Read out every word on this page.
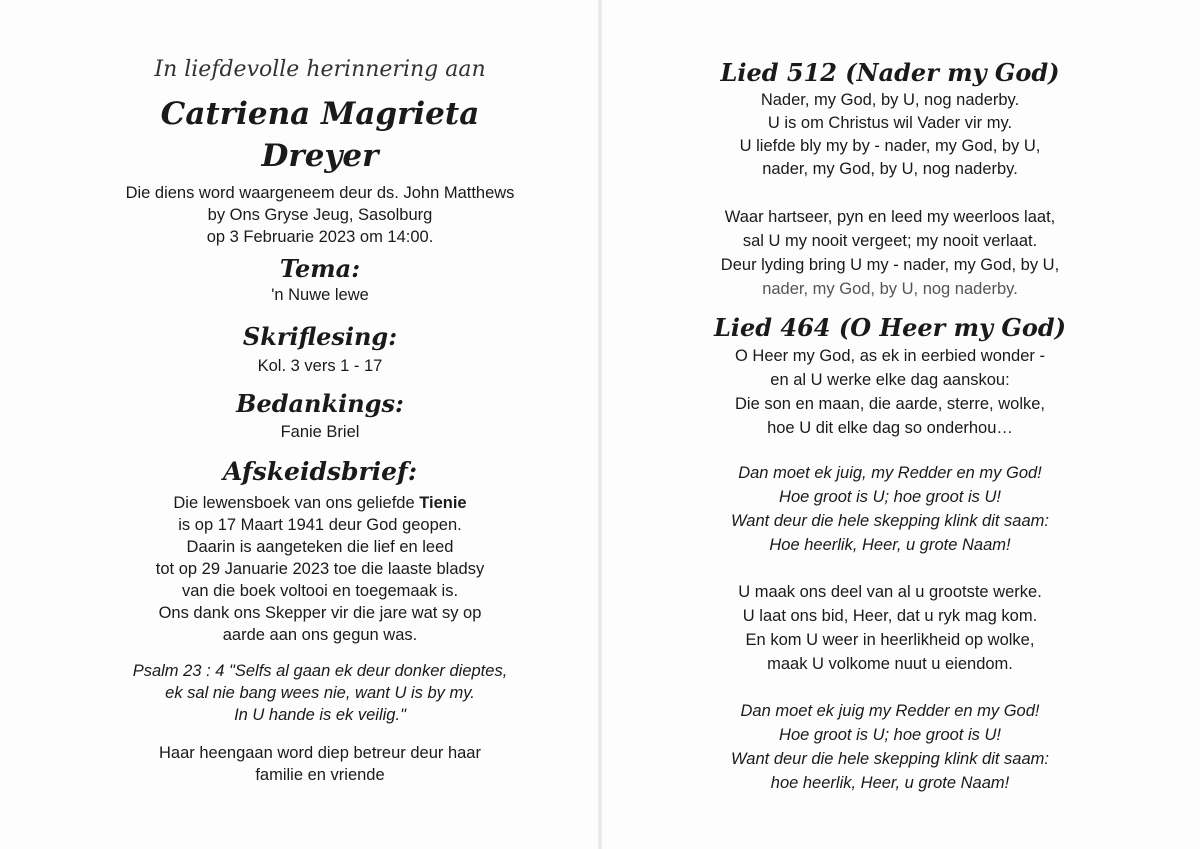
In liefdevolle herinnering aan
Catriena Magrieta
Dreyer
Die diens word waargeneem deur ds. John Matthews
by Ons Gryse Jeug, Sasolburg
op 3 Februarie 2023 om 14:00.
Tema:
'n Nuwe lewe
Skriflesing:
Kol. 3 vers 1 - 17
Bedankings:
Fanie Briel
Afskeidsbrief:
Die lewensboek van ons geliefde Tienie
is op 17 Maart 1941 deur God geopen.
Daarin is aangeteken die lief en leed
tot op 29 Januarie 2023 toe die laaste bladsy
van die boek voltooi en toegemaak is.
Ons dank ons Skepper vir die jare wat sy op
aarde aan ons gegun was.
Psalm 23 : 4 "Selfs al gaan ek deur donker dieptes,
ek sal nie bang wees nie, want U is by my.
In U hande is ek veilig."
Haar heengaan word diep betreur deur haar
familie en vriende
Lied 512 (Nader my God)
Nader, my God, by U, nog naderby.
U is om Christus wil Vader vir my.
U liefde bly my by - nader, my God, by U,
nader, my God, by U, nog naderby.
Waar hartseer, pyn en leed my weerloos laat,
sal U my nooit vergeet; my nooit verlaat.
Deur lyding bring U my - nader, my God, by U,
nader, my God, by U, nog naderby.
Lied 464 (O Heer my God)
O Heer my God, as ek in eerbied wonder -
en al U werke elke dag aanskou:
Die son en maan, die aarde, sterre, wolke,
hoe U dit elke dag so onderhou…
Dan moet ek juig, my Redder en my God!
Hoe groot is U; hoe groot is U!
Want deur die hele skepping klink dit saam:
Hoe heerlik, Heer, u grote Naam!
U maak ons deel van al u grootste werke.
U laat ons bid, Heer, dat u ryk mag kom.
En kom U weer in heerlikheid op wolke,
maak U volkome nuut u eiendom.
Dan moet ek juig my Redder en my God!
Hoe groot is U; hoe groot is U!
Want deur die hele skepping klink dit saam:
hoe heerlik, Heer, u grote Naam!
